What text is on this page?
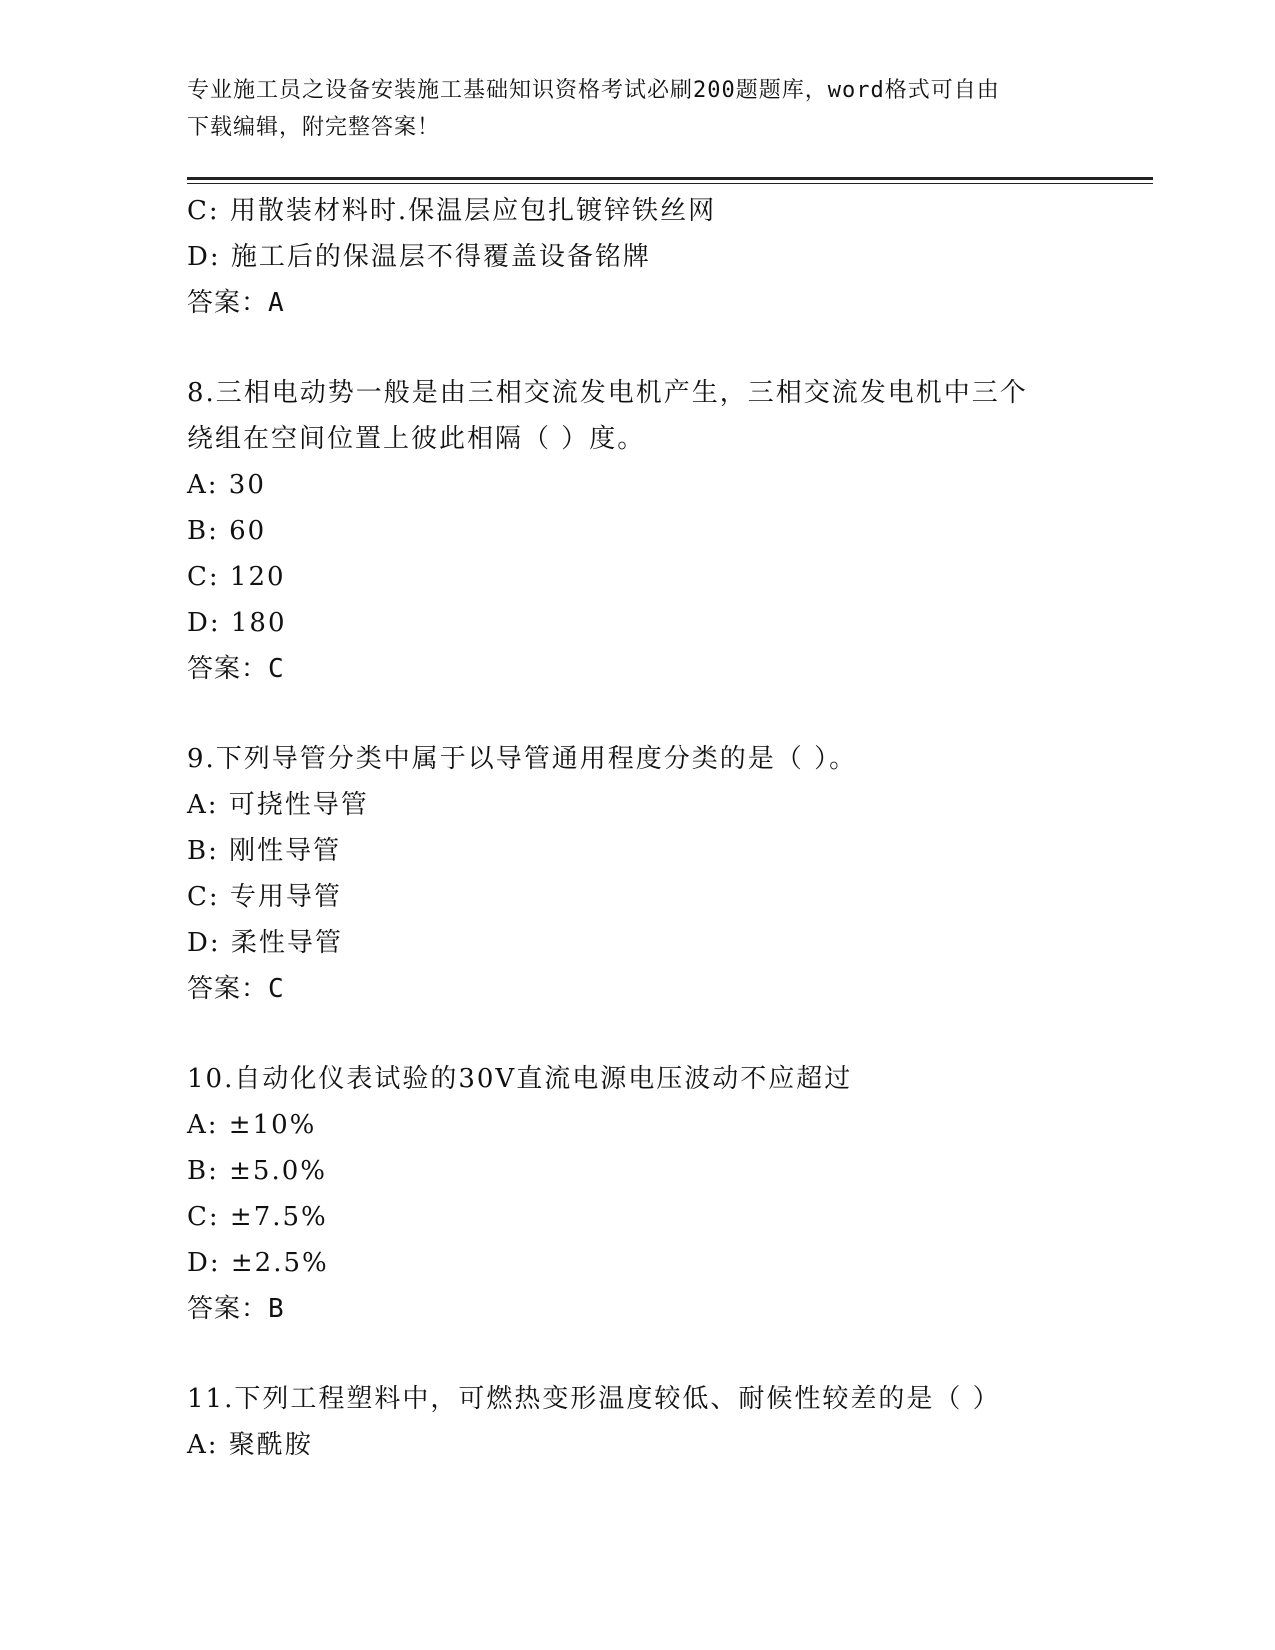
专业施工员之设备安装施工基础知识资格考试必刷200题题库，word格式可自由
下载编辑，附完整答案！
C: 用散装材料时.保温层应包扎镀锌铁丝网
D: 施工后的保温层不得覆盖设备铭牌
答案：A
8.三相电动势一般是由三相交流发电机产生，三相交流发电机中三个
绕组在空间位置上彼此相隔（ ）度。
A: 30
B: 60
C: 120
D: 180
答案：C
9.下列导管分类中属于以导管通用程度分类的是（ ）。
A: 可挠性导管
B: 刚性导管
C: 专用导管
D: 柔性导管
答案：C
10.自动化仪表试验的30V直流电源电压波动不应超过
A: ±10%
B: ±5.0%
C: ±7.5%
D: ±2.5%
答案：B
11.下列工程塑料中，可燃热变形温度较低、耐候性较差的是（ ）
A: 聚酰胺
